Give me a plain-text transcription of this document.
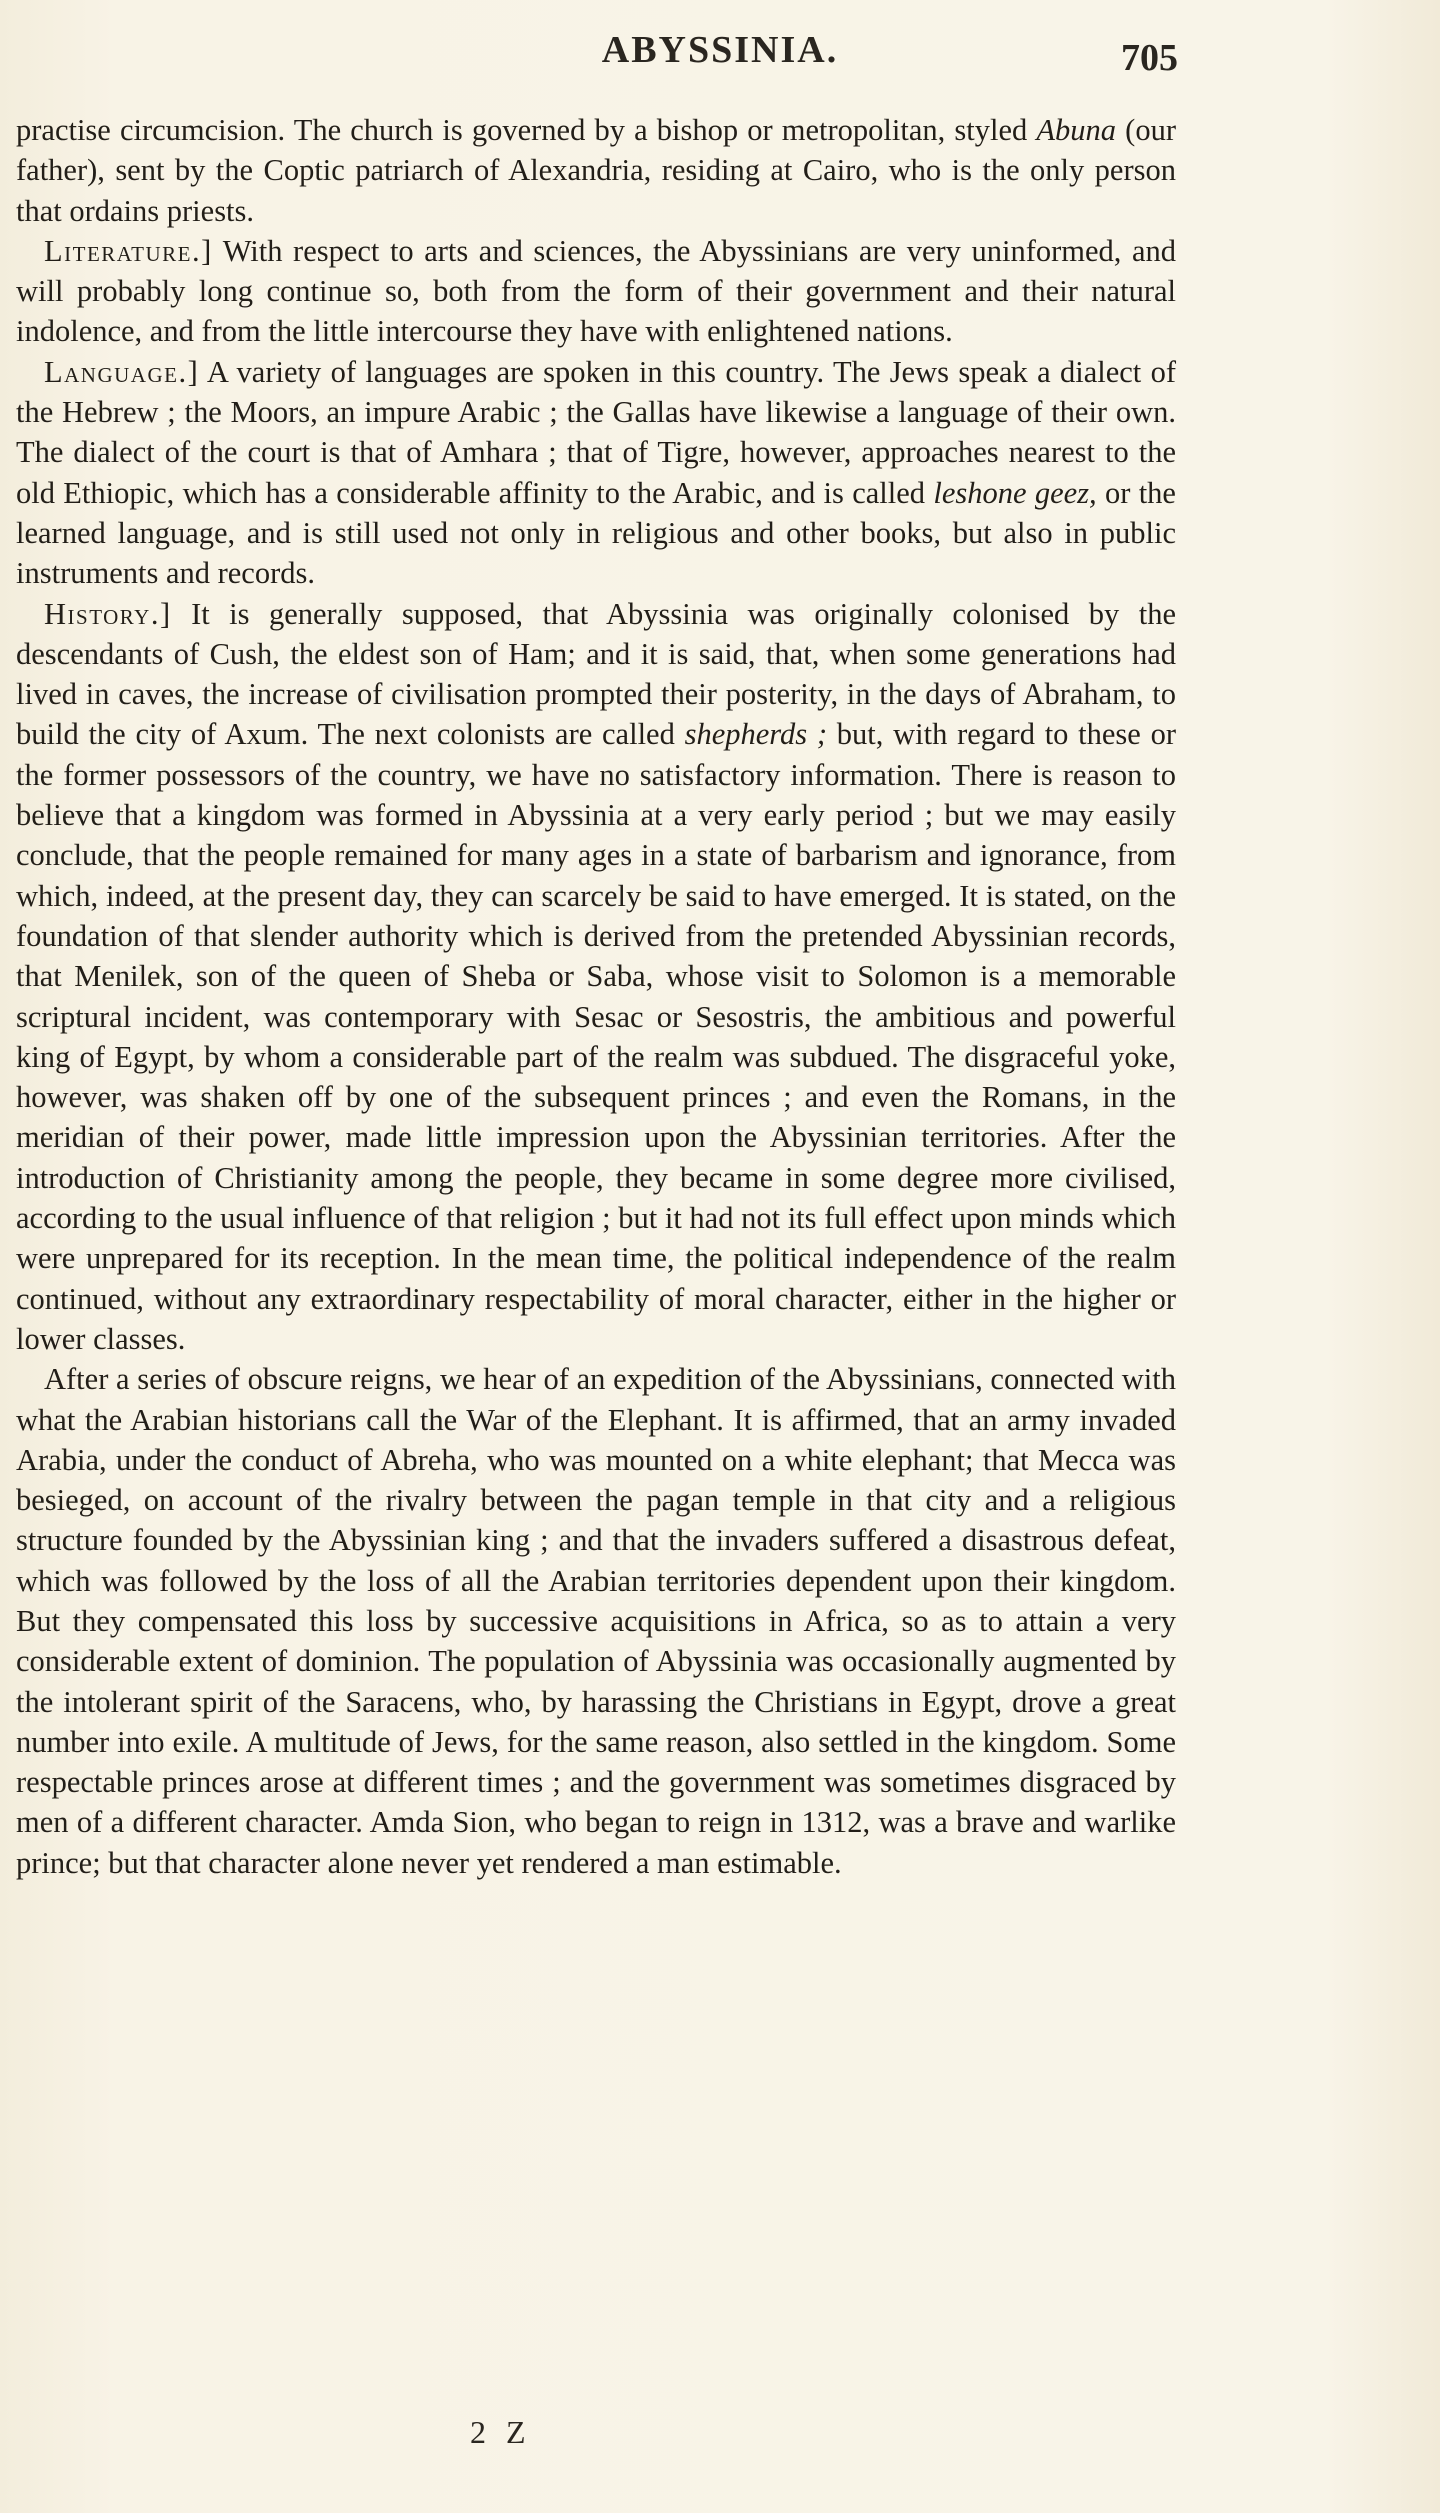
ABYSSINIA.	705

practise circumcision. The church is governed by a bishop or metropolitan, styled Abuna (our father), sent by the Coptic patriarch of Alexandria, residing at Cairo, who is the only person that ordains priests.

Literature.] With respect to arts and sciences, the Abyssinians are very uninformed, and will probably long continue so, both from the form of their government and their natural indolence, and from the little intercourse they have with enlightened nations.

Language.] A variety of languages are spoken in this country. The Jews speak a dialect of the Hebrew ; the Moors, an impure Arabic ; the Gallas have likewise a language of their own. The dialect of the court is that of Amhara ; that of Tigre, however, approaches nearest to the old Ethiopic, which has a considerable affinity to the Arabic, and is called leshone geez, or the learned language, and is still used not only in religious and other books, but also in public instruments and records.

History.] It is generally supposed, that Abyssinia was originally colonised by the descendants of Cush, the eldest son of Ham; and it is said, that, when some generations had lived in caves, the increase of civilisation prompted their posterity, in the days of Abraham, to build the city of Axum. The next colonists are called shepherds ; but, with regard to these or the former possessors of the country, we have no satisfactory information. There is reason to believe that a kingdom was formed in Abyssinia at a very early period ; but we may easily conclude, that the people remained for many ages in a state of barbarism and ignorance, from which, indeed, at the present day, they can scarcely be said to have emerged. It is stated, on the foundation of that slender authority which is derived from the pretended Abyssinian records, that Menilek, son of the queen of Sheba or Saba, whose visit to Solomon is a memorable scriptural incident, was contemporary with Sesac or Sesostris, the ambitious and powerful king of Egypt, by whom a considerable part of the realm was subdued. The disgraceful yoke, however, was shaken off by one of the subsequent princes ; and even the Romans, in the meridian of their power, made little impression upon the Abyssinian territories. After the introduction of Christianity among the people, they became in some degree more civilised, according to the usual influence of that religion ; but it had not its full effect upon minds which were unprepared for its reception. In the mean time, the political independence of the realm continued, without any extraordinary respectability of moral character, either in the higher or lower classes.

After a series of obscure reigns, we hear of an expedition of the Abyssinians, connected with what the Arabian historians call the War of the Elephant. It is affirmed, that an army invaded Arabia, under the conduct of Abreha, who was mounted on a white elephant; that Mecca was besieged, on account of the rivalry between the pagan temple in that city and a religious structure founded by the Abyssinian king ; and that the invaders suffered a disastrous defeat, which was followed by the loss of all the Arabian territories dependent upon their kingdom. But they compensated this loss by successive acquisitions in Africa, so as to attain a very considerable extent of dominion. The population of Abyssinia was occasionally augmented by the intolerant spirit of the Saracens, who, by harassing the Christians in Egypt, drove a great number into exile. A multitude of Jews, for the same reason, also settled in the kingdom. Some respectable princes arose at different times ; and the government was sometimes disgraced by men of a different character. Amda Sion, who began to reign in 1312, was a brave and warlike prince; but that character alone never yet rendered a man estimable.

2 Z
